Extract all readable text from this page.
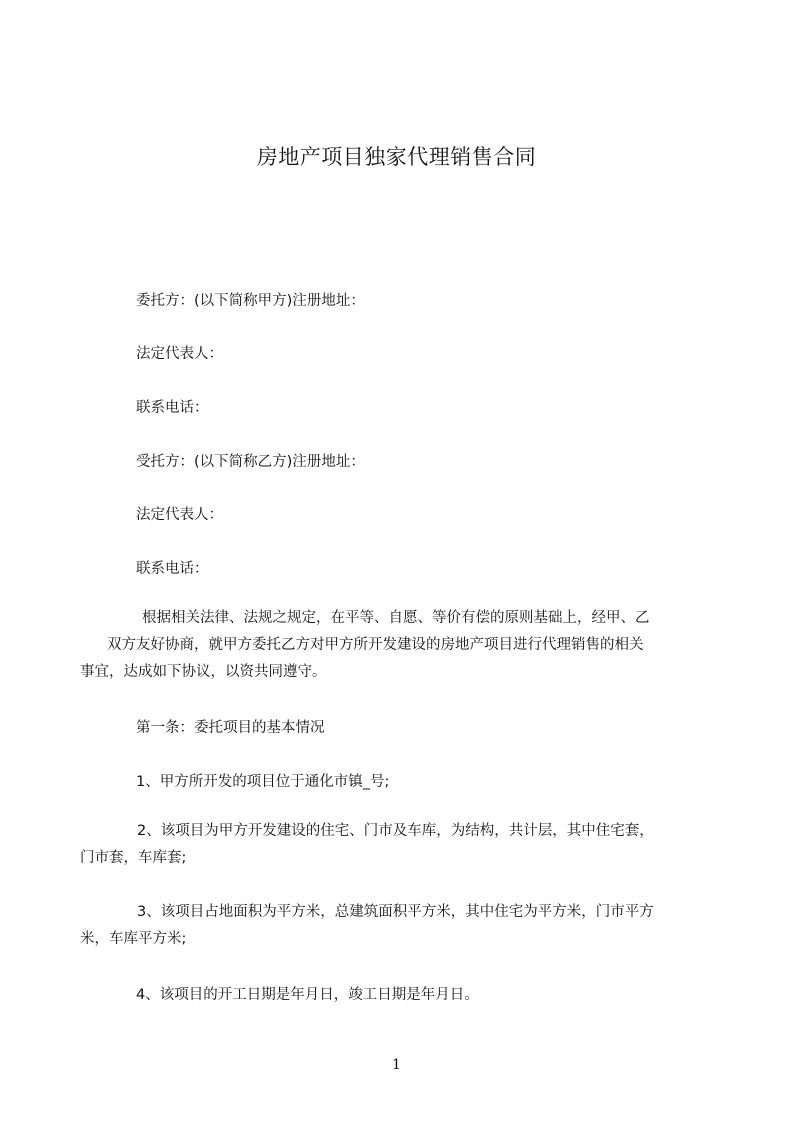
房地产项目独家代理销售合同
委托方：(以下简称甲方)注册地址：
法定代表人：
联系电话：
受托方：(以下简称乙方)注册地址：
法定代表人：
联系电话：
根据相关法律、法规之规定，在平等、自愿、等价有偿的原则基础上，经甲、乙
双方友好协商，就甲方委托乙方对甲方所开发建设的房地产项目进行代理销售的相关
事宜，达成如下协议，以资共同遵守。
第一条：委托项目的基本情况
1、甲方所开发的项目位于通化市镇_号;
2、该项目为甲方开发建设的住宅、门市及车库，为结构，共计层，其中住宅套，
门市套，车库套;
3、该项目占地面积为平方米，总建筑面积平方米，其中住宅为平方米，门市平方
米，车库平方米;
4、该项目的开工日期是年月日，竣工日期是年月日。
1
